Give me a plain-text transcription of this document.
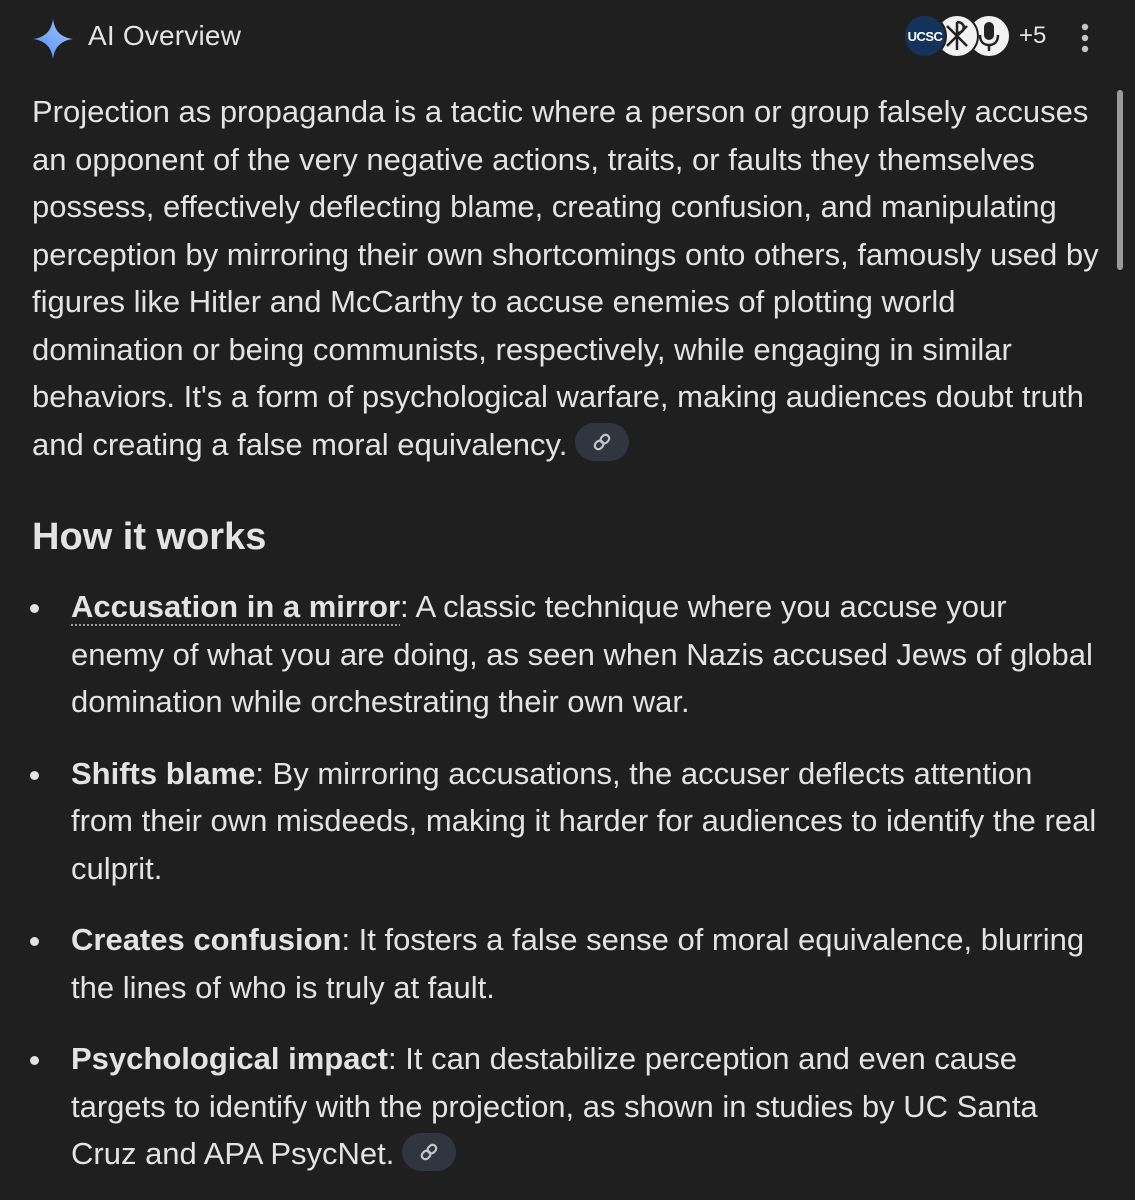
AI Overview	UCSC	+5

Projection as propaganda is a tactic where a person or group falsely accuses an opponent of the very negative actions, traits, or faults they themselves possess, effectively deflecting blame, creating confusion, and manipulating perception by mirroring their own shortcomings onto others, famously used by figures like Hitler and McCarthy to accuse enemies of plotting world domination or being communists, respectively, while engaging in similar behaviors. It's a form of psychological warfare, making audiences doubt truth and creating a false moral equivalency.

How it works
Accusation in a mirror: A classic technique where you accuse your enemy of what you are doing, as seen when Nazis accused Jews of global domination while orchestrating their own war.
Shifts blame: By mirroring accusations, the accuser deflects attention from their own misdeeds, making it harder for audiences to identify the real culprit.
Creates confusion: It fosters a false sense of moral equivalence, blurring the lines of who is truly at fault.
Psychological impact: It can destabilize perception and even cause targets to identify with the projection, as shown in studies by UC Santa Cruz and APA PsycNet.
